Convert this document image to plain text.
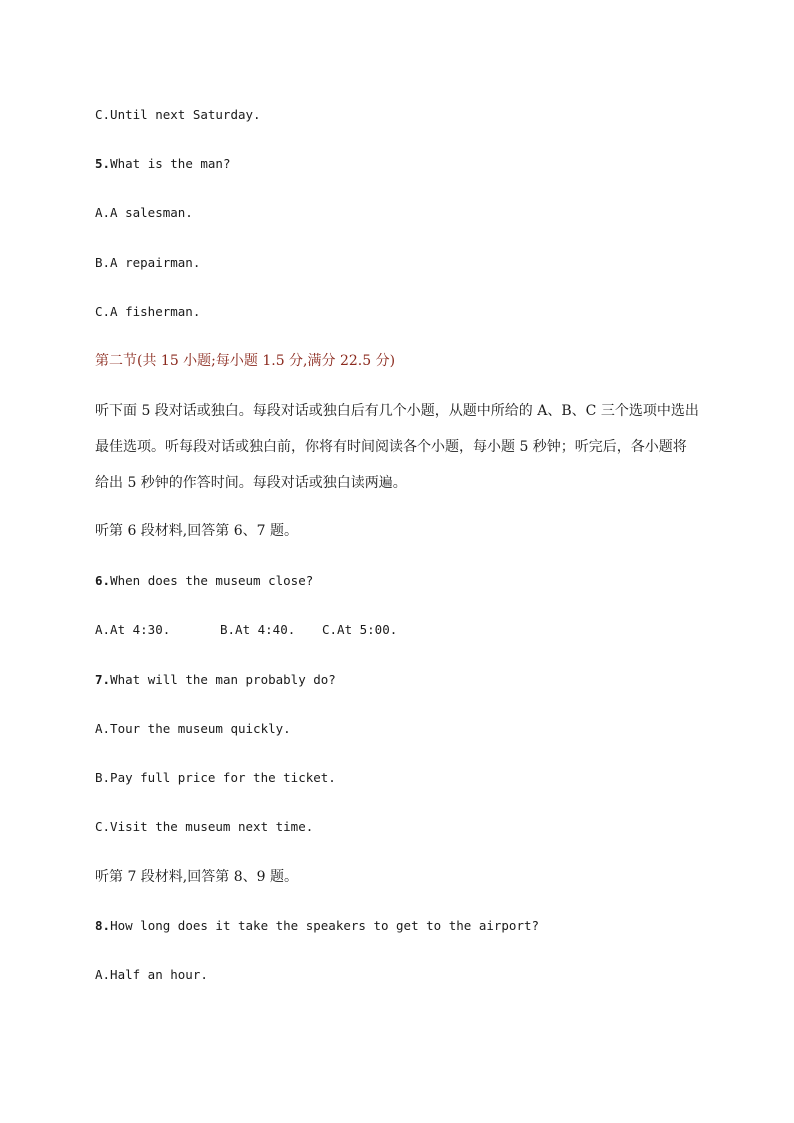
C.Until next Saturday.
5.What is the man?
A.A salesman.
B.A repairman.
C.A fisherman.
第二节(共 15 小题;每小题 1.5 分,满分 22.5 分)
听下面 5 段对话或独白。每段对话或独白后有几个小题，从题中所给的 A、B、C 三个选项中选出
最佳选项。听每段对话或独白前，你将有时间阅读各个小题，每小题 5 秒钟；听完后，各小题将
给出 5 秒钟的作答时间。每段对话或独白读两遍。
听第 6 段材料,回答第 6、7 题。
6.When does the museum close?
A.At 4:30.	B.At 4:40. C.At 5:00.
7.What will the man probably do?
A.Tour the museum quickly.
B.Pay full price for the ticket.
C.Visit the museum next time.
听第 7 段材料,回答第 8、9 题。
8.How long does it take the speakers to get to the airport?
A.Half an hour.
